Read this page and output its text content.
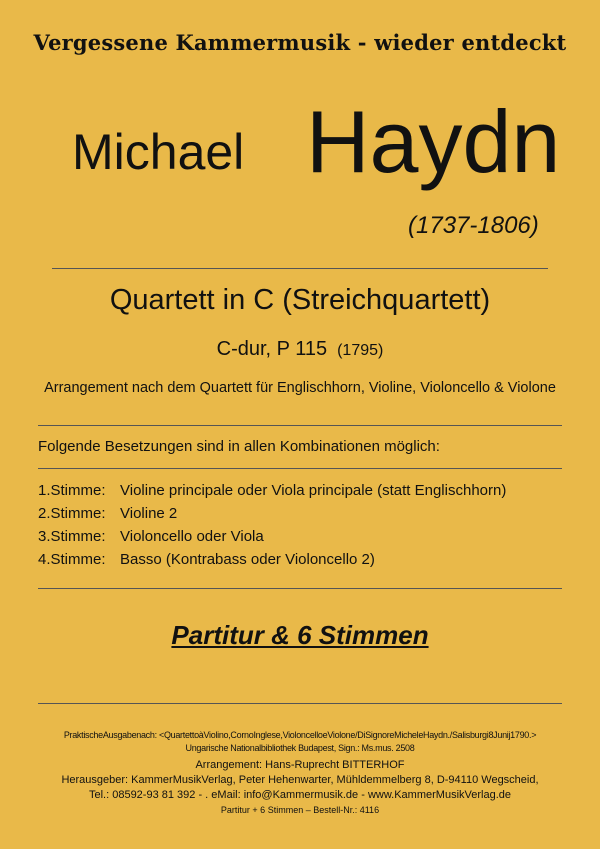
Vergessene Kammermusik - wieder entdeckt
Michael Haydn
(1737-1806)
Quartett in C (Streichquartett)
C-dur, P 115 (1795)
Arrangement nach dem Quartett für Englischhorn, Violine, Violoncello & Violone
Folgende Besetzungen sind in allen Kombinationen möglich:
1.Stimme: Violine principale oder Viola principale (statt Englischhorn)
2.Stimme: Violine 2
3.Stimme: Violoncello oder Viola
4.Stimme: Basso (Kontrabass oder Violoncello 2)
Partitur & 6 Stimmen
PraktischeAusgabenach: <QuartettoàViolino,CornoInglese,VioloncelloeViolone/DiSignoreMicheleHaydn./Salisburgi8Junij1790.>
Ungarische Nationalbibliothek Budapest, Sign.: Ms.mus. 2508
Arrangement: Hans-Ruprecht BITTERHOF
Herausgeber: KammerMusikVerlag, Peter Hehenwarter, Mühldemmelberg 8, D-94110 Wegscheid,
Tel.: 08592-93 81 392 - . eMail: info@Kammermusik.de - www.KammerMusikVerlag.de
Partitur + 6 Stimmen – Bestell-Nr.: 4116
